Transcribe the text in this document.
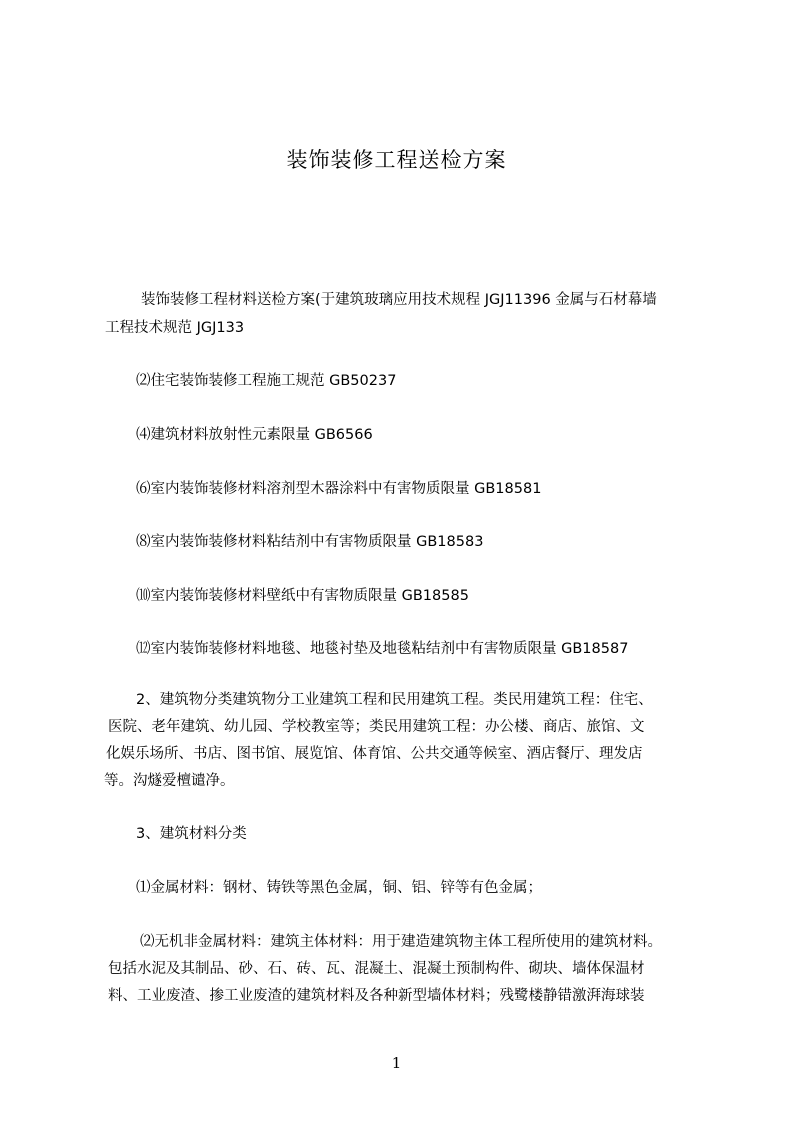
装饰装修工程送检方案
装饰装修工程材料送检方案(于建筑玻璃应用技术规程 JGJ11396 金属与石材幕墙
工程技术规范 JGJ133
⑵住宅装饰装修工程施工规范 GB50237
⑷建筑材料放射性元素限量 GB6566
⑹室内装饰装修材料溶剂型木器涂料中有害物质限量 GB18581
⑻室内装饰装修材料粘结剂中有害物质限量 GB18583
⑽室内装饰装修材料壁纸中有害物质限量 GB18585
⑿室内装饰装修材料地毯、地毯衬垫及地毯粘结剂中有害物质限量 GB18587
2、建筑物分类建筑物分工业建筑工程和民用建筑工程。类民用建筑工程：住宅、
医院、老年建筑、幼儿园、学校教室等；类民用建筑工程：办公楼、商店、旅馆、文
化娱乐场所、书店、图书馆、展览馆、体育馆、公共交通等候室、酒店餐厅、理发店
等。沟燧爱檀谴净。
3、建筑材料分类
⑴金属材料：钢材、铸铁等黑色金属，铜、铝、锌等有色金属；
⑵无机非金属材料：建筑主体材料：用于建造建筑物主体工程所使用的建筑材料。
包括水泥及其制品、砂、石、砖、瓦、混凝土、混凝土预制构件、砌块、墙体保温材
料、工业废渣、掺工业废渣的建筑材料及各种新型墙体材料；残鹭楼静错激湃海球装
1
